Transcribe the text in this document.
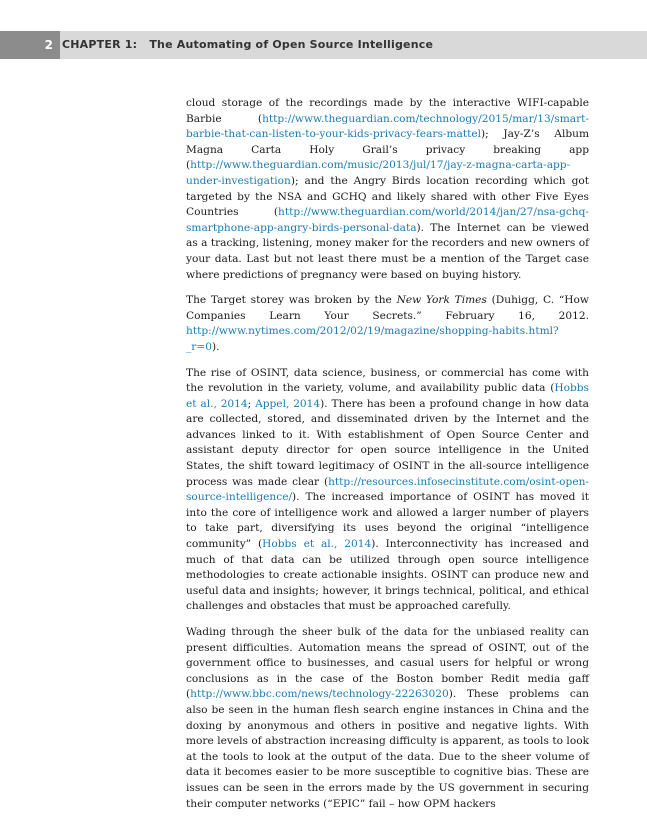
2 CHAPTER 1: The Automating of Open Source Intelligence

cloud storage of the recordings made by the interactive WIFI-capable Barbie (http://www.theguardian.com/technology/2015/mar/13/smart-barbie-that-can-listen-to-your-kids-privacy-fears-mattel); Jay-Z’s Album Magna Carta Holy Grail’s privacy breaking app (http://www.theguardian.com/music/2013/jul/17/jay-z-magna-carta-app-under-investigation); and the Angry Birds location recording which got targeted by the NSA and GCHQ and likely shared with other Five Eyes Countries (http://www.theguardian.com/world/2014/jan/27/nsa-gchq-smartphone-app-angry-birds-personal-data). The Internet can be viewed as a tracking, listening, money maker for the recorders and new owners of your data. Last but not least there must be a mention of the Target case where predictions of pregnancy were based on buying history.

The Target storey was broken by the New York Times (Duhigg, C. “How Companies Learn Your Secrets.” February 16, 2012. http://www.nytimes.com/2012/02/19/magazine/shopping-habits.html?_r=0).

The rise of OSINT, data science, business, or commercial has come with the revolution in the variety, volume, and availability public data (Hobbs et al., 2014; Appel, 2014). There has been a profound change in how data are collected, stored, and disseminated driven by the Internet and the advances linked to it. With establishment of Open Source Center and assistant deputy director for open source intelligence in the United States, the shift toward legitimacy of OSINT in the all-source intelligence process was made clear (http://resources.infosecinstitute.com/osint-open-source-intelligence/). The increased importance of OSINT has moved it into the core of intelligence work and allowed a larger number of players to take part, diversifying its uses beyond the original “intelligence community” (Hobbs et al., 2014). Interconnectivity has increased and much of that data can be utilized through open source intelligence methodologies to create actionable insights. OSINT can produce new and useful data and insights; however, it brings technical, political, and ethical challenges and obstacles that must be approached carefully.

Wading through the sheer bulk of the data for the unbiased reality can present difficulties. Automation means the spread of OSINT, out of the government office to businesses, and casual users for helpful or wrong conclusions as in the case of the Boston bomber Redit media gaff (http://www.bbc.com/news/technology-22263020). These problems can also be seen in the human flesh search engine instances in China and the doxing by anonymous and others in positive and negative lights. With more levels of abstraction increasing difficulty is apparent, as tools to look at the tools to look at the output of the data. Due to the sheer volume of data it becomes easier to be more susceptible to cognitive bias. These are issues can be seen in the errors made by the US government in securing their computer networks (“EPIC” fail – how OPM hackers
